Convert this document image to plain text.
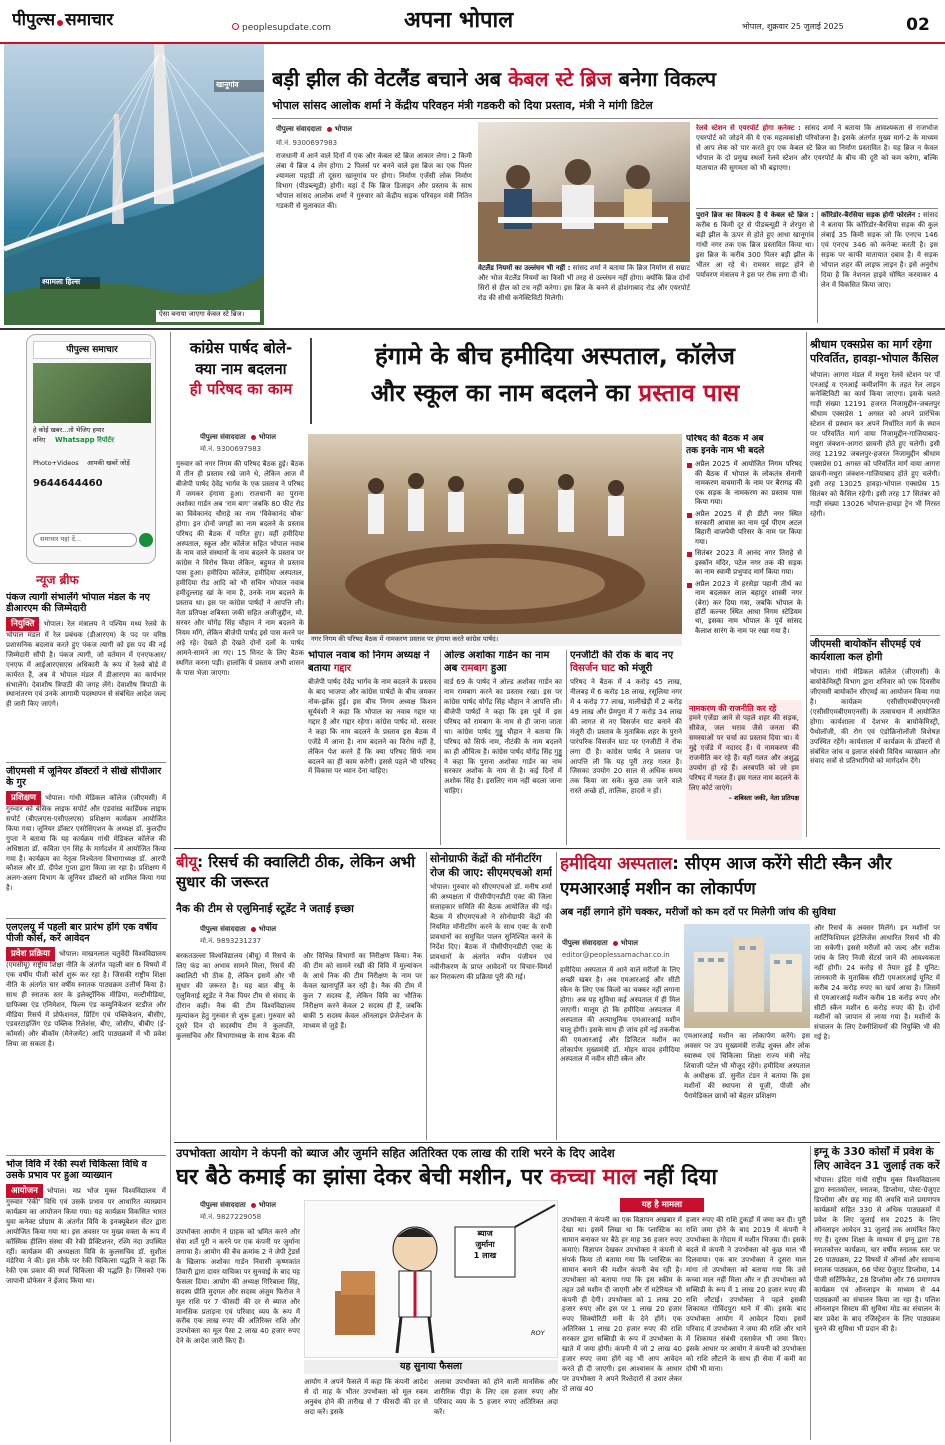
पीपुल्स समाचार	peoplesupdate.com	अपना भोपाल	भोपाल, शुक्रवार 25 जुलाई 2025	02
खानूगांव
श्यामला हिल्स
ऐसा बनाया जाएगा केबल स्टे ब्रिज।
बड़ी झील की वेटलैंड बचाने अब केबल स्टे ब्रिज बनेगा विकल्प
भोपाल सांसद आलोक शर्मा ने केंद्रीय परिवहन मंत्री गडकरी को दिया प्रस्ताव, मंत्री ने मांगी डिटेल
पीपुल्स संवाददाता भोपाल
मो.नं. 9300697983
राजधानी में आने वाले दिनों में एक और केबल स्टे ब्रिज आकार लेगा। 2 किमी लंबा ये ब्रिज 4 लेन होगा। 2 पिलर्स पर बनने वाले इस ब्रिज का एक पिलर श्यामला पहाड़ी तो दूसरा खानूगांव पर होगा। निर्माण एजेंसी लोक निर्माण विभाग (पीडब्ल्यूडी) होगी। यहां दें कि ब्रिज डिजाइन और प्रस्ताव के साथ भोपाल सांसद आलोक शर्मा ने गुरुवार को केंद्रीय सड़क परिवहन मंत्री नितिन गडकरी से मुलाकात की।
वेटलैंड नियमों का उल्लंघन भी नहीं : सांसद शर्मा ने बताया कि ब्रिज निर्माण से सम्राट और भोज वेटलैंड नियमों का किसी भी तरह से उल्लंघन नहीं होगा। क्योंकि ब्रिज दोनों सिरों से हील को टच नहीं करेगा। इस ब्रिज के बनने से होशंगाबाद रोड और एयरपोर्ट रोड की सीधी कनेक्टिविटी मिलेगी।
रेलवे स्टेशन से एयरपोर्ट होगा कनेक्ट : सांसद शर्मा ने बताया कि आवश्यकता से राजभोज एयरपोर्ट को जोड़ने की ये एक महत्वकांक्षी परियोजना है। इसके अंतर्गत मुख्य मार्ग-2 के माध्यम से आप लेक को पार करते हुए एक केबल स्टे ब्रिज का निर्माण प्रस्तावित है। यह ब्रिज न केवल भोपाल के दो प्रमुख स्थलों रेलवे स्टेशन और एयरपोर्ट के बीच की दूरी को कम करेगा, बल्कि यातायात की सुगमता को भी बढ़ाएगा।
पुराने ब्रिज का विकल्प है ये केबल स्टे ब्रिज : करीब 6 किमी दूर से पीडब्ल्यूडी ने शेरपुरा से बड़ी झील के ऊपर से होते हुए आधा खानूगांव गांधी नगर तक एक ब्रिज प्रस्तावित किया था। इस ब्रिज के करीब 300 पिलर बड़ी झील के भीतर आ रहे थे। रामसर साइट होने से पर्यावरण मंत्रालय ने इस पर रोक लगा दी थी।
कॉरिडोर-बैरसिया सड़क होगी फोरलेन : सांसद ने बताया कि कॉरिडोर-बैरसिया सड़क की कुल लंबाई 35 किमी सड़क जो कि एनएच 146 एवं एनएच 346 को कनेक्ट करती है। इस सड़क पर काफी यातायात दबाव है। ये सड़क भोपाल शहर की लाइफ लाइन है। इसे अनुरोध दिया है कि नेशनल हाइवे घोषित करवाकर 4 लेन में विकसित किया जाए।
पीपुल्स समाचार
हे कोई खबर...तो भेजिए हमार
वनिए	Whatsapp रिपोर्टर
Photo+Videos	आपकी खबरें जोड़ें
9644644460
समाचार यहां दें...
न्यूज ब्रीफ
पंकज त्यागी संभालेंगे भोपाल मंडल के नए डीआरएम की जिम्मेदारी
नियुक्ति भोपाल। रेल मंत्रालय ने पश्चिम मध्य रेलवे के भोपाल मंडल में रेल प्रबंधक (डीआरएम) के पद पर वरिष्ठ प्रशासनिक बदलाव करते हुए पंकज त्यागी को इस पद की नई जिम्मेदारी सौंपी है। पंकज त्यागी, जो वर्तमान में एनएफआर/एनएफ में आईआरएसएस अधिकारी के रूप में रेलवे बोर्ड में कार्यरत हैं, अब वे भोपाल मंडल में डीआरएम का कार्यभार संभालेंगे। देवाशीष त्रिपाठी की जगह लेंगे। देवाशीष त्रिपाठी के स्थानांतरण एवं उनके आगामी पदस्थापन से संबंधित आदेश जल्द ही जारी किए जाएंगे।
जीएमसी में जूनियर डॉक्टरों ने सीखे सीपीआर के गुर
प्रशिक्षण भोपाल। गांधी मेडिकल कॉलेज (जीएमसी) में गुरुवार को बेसिक लाइफ सपोर्ट और एडवांस्ड कार्डियक लाइफ सपोर्ट (बीएलएस-एसीएलएस) प्रशिक्षण कार्यक्रम आयोजित किया गया। जूनियर डॉक्टर एसोसिएशन के अध्यक्ष डॉ. कुलदीप गुप्ता ने बताया कि यह कार्यक्रम गांधी मेडिकल कॉलेज की अधिष्ठाता डॉ. कविता एन सिंह के मार्गदर्शन में आयोजित किया गया है। कार्यक्रम का नेतृत्व निश्चेतना विभागाध्यक्ष डॉ. आरपी कौशल और डॉ. दीपेश गुप्ता द्वारा किया जा रहा है। प्रशिक्षण में अलग-अलग विभाग के जूनियर डॉक्टरों को शामिल किया गया है।
एलएलयू में पहली बार प्रारंभ होंगे एक वर्षीय पीजी कोर्स, करें आवेदन
प्रवेश प्रक्रिया भोपाल। माखनलाल चतुर्वेदी विश्वविद्यालय (एमसीयू) राष्ट्रीय शिक्षा नीति के अंतर्गत पहली बार 6 विषयों में एक वर्षीय पीजी कोर्स शुरू कर रहा है। जिसकी राष्ट्रीय शिक्षा नीति के अंतर्गत चार वर्षीय स्नातक पाठ्यक्रम उत्तीर्ण किया है। साथ ही स्नातक स्तर के इलेक्ट्रॉनिक मीडिया, मल्टीमीडिया, ग्राफिक्स एंड एनिमेशन, फिल्म एंड कम्युनिकेशन स्टडीज और मीडिया रिसर्च में प्रोफेशनल, प्रिंटिंग एवं पब्लिकेशन, बीसीए, एडवरटाइजिंग एंड पब्लिक रिलेशंस, बीए, जोसीप, बीबीए (ई-कॉमर्स) और बीकॉम (मैनेजमेंट) आदि पाठ्यक्रमों में भी प्रवेश लिया जा सकता है।
भोज विवि में रेकी स्पर्श चिकित्सा विधि व उसके प्रभाव पर हुआ व्याख्यान
आयोजन भोपाल। मप्र भोज मुक्त विश्वविद्यालय में गुरुवार 'रेकी' विधि एवं उसके प्रभाव पर आधारित व्याख्यान कार्यक्रम का आयोजन किया गया। यह कार्यक्रम विकसित भारत युवा कनेक्ट प्रोग्राम के अंतर्गत विवि के इनक्यूबेशन सेंटर द्वारा आयोजित किया गया था। इस अवसर पर मुख्य वक्ता के रूप में कॉस्मिक हीलिंग संस्था की रेकी प्रैक्टिशनर, रश्मि नंदा उपस्थित रहीं। कार्यक्रम की अध्यक्षता विवि के कुलसचिव डॉ. सुशील मंडेरिया ने की। इस मौके पर रेकी चिकित्सा पद्धति ने कहा कि रेकी एक प्रकार की स्पर्श चिकित्सा की पद्धति है। जिसको एक जापानी प्रोफेसर ने ईजाद किया था।
कांग्रेस पार्षद बोले-
क्या नाम बदलना
ही परिषद का काम
हंगामे के बीच हमीदिया अस्पताल, कॉलेज
और स्कूल का नाम बदलने का प्रस्ताव पास
पीपुल्स संवाददाता भोपाल
मो.नं. 9300697983
गुरुवार को नगर निगम की परिषद बैठक हुई। बैठक में तीन ही प्रस्ताव रखे जाने थे, लेकिन आज में बीजेपी पार्षद देवेंद्र भार्गव के एक प्रस्ताव ने परिषद में जमकर हंगामा हुआ। राजधानी का पुराना अशोका गार्डन अब ‘राम बाग’ जबकि 80 फीट रोड का विवेकानंद चौराहे का नाम ‘विवेकानंद चौक’ होगा। इन दोनों जगहों का नाम बदलने के प्रस्ताव परिषद की बैठक में पारित हुए। वहीं हमीदिया अस्पताल, स्कूल और कॉलेज सहित भोपाल नवाब के नाम वाले संस्थानों के नाम बदलने के प्रस्ताव पर कांग्रेस ने विरोध किया लेकिन, बहुमत से प्रस्ताव पास हुआ। हमीदिया कॉलेज, हमीदिया अस्पताल, हमीदिया रोड आदि को भी सचिन भोपाल नवाब हमीदुल्लाह खां के नाम है, उनके नाम बदलने के प्रस्ताव था। इस पर कांग्रेस पार्षदों ने आपत्ति ली। नेता प्रतिपक्ष शबिस्ता जकी सहित अजीजुद्दीन, मो. सरवर और योगेंद्र सिंह चौहान ने नाम बदलने के नियम माँगे, लेकिन बीजेपी पार्षद इसे पास करने पर अड़े रहे। देखते ही देखते दोनों दलों के पार्षद आमने-सामने आ गए। 15 मिनट के लिए बैठक स्थगित करना पड़ी। हालांकि ये प्रस्ताव अभी शासन के पास भेजा जाएगा।
नगर निगम की परिषद बैठक में नामकरण प्रस्ताव पर हंगामा करते कांग्रेस पार्षद।
परिषद की बैठक में अब
तक इनके नाम भी बदले
अप्रैल 2025 में आयोजित निगम परिषद की बैठक में भोपाल के लोकतंत्र सेनानी नामकरण वावमानी के नाम पर बैरागढ़ की एक सड़क के नामकरण का प्रस्ताव पास किया गया।
अप्रैल 2025 में ही डीटी नगर स्थित सरकारी आवास का नाम पूर्व पीएम अटल बिहारी वाजपेयी परिसर के नाम पर किया गया।
सितंबर 2023 में आनंद नगर तिराहे से इस्कॉन मंदिर, पटेल नगर तक की सड़क का नाम स्वामी प्रभुपाद मार्ग किया गया।
अप्रैल 2023 में हरसेड़ा पहानी तीर्थ का नाम बदलकर लाल बहादुर शास्त्री नगर (बेरा) कर दिया गया, जबकि भोपाल के हॉर्टी कल्चर स्थित आधा निगम स्टेडियम था, इसका नाम भोपाल के पूर्व सांसद कैलाश सारंग के नाम पर रखा गया है।
नामकरण की राजनीति कर रहे
हमने एजेंडा आने से पहले शहर की सड़क, सीवेज, जल भराव जैसे जनता की समस्याओं पर चर्चा का प्रस्ताव दिया था। ये मुद्दे एजेंडे में नदारद हैं। ये नामकरण की राजनीति कर रहे हैं। वहाँ गलत और अशुद्ध उपयोग हो रहे हैं। अरबपति को जो हम परिषद में गलत हैं। इस गलत नाम बदलने के लिए कोर्ट जाएंगे।
– शबिस्ता जकी, नेता प्रतिपक्ष
भोपाल नवाब को निगम अध्यक्ष ने बताया गद्दार
बीजेपी पार्षद देवेंद्र भार्गव के नाम बदलने के प्रस्ताव के बाद भाजपा और कांग्रेस पार्षदों के बीच जमकर नोक-झोंक हुई। इस बीच निगम अध्यक्ष किशन सूर्यवंशी ने कहा कि भोपाल का नवाब गद्दार था गद्दार है और गद्दार रहेगा। कांग्रेस पार्षद मो. सरवर ने कहा कि नाम बदलने के प्रस्ताव इस बैठक में एजेंडे में आना है। नाम बदलने का विरोध नहीं है, लेकिन पेश करने हैं कि क्या परिषद सिर्फ नाम बदलने का ही काम करेगी। इससे पहले भी परिषद में विकास पर ध्यान देना चाहिए।
ओल्ड अशोका गार्डन का नाम अब रामबाग हुआ
वार्ड 69 के पार्षद ने ओल्ड अशोका गार्डन का नाम रामबाग करने का प्रस्ताव रखा। इस पर कांग्रेस पार्षद योगेंद्र सिंह चौहान ने आपत्ति ली। बीजेपी पार्षदों ने कहा कि इस पूर्व में इस परिषद को रामबाग के नाम से ही जाना जाता था। कांग्रेस पार्षद गुड्डू चौहान ने बताया कि परिषद को सिर्फ नाम, नौटंकी के नाम बदलने का ही औचित्य है। कांग्रेस पार्षद योगेंद्र सिंह गुड्डू ने कहा कि पुराना अशोका गार्डन का नाम सरकार अशोक के नाम से है। कई दिनों में अशोक सिंह है। इसलिए नाम नहीं बदला जाना चाहिए।
एनजीटी की रोक के बाद नए विसर्जन घाट को मंजूरी
परिषद ने बैठक में 4 करोड़ 45 लाख, नीलबड़ में 6 करोड़ 18 लाख, रसूलिया नगर में 4 करोड़ 77 लाख, मालीखेड़ी में 2 करोड़ 49 लाख और प्रेमपुरा में 7 करोड़ 34 लाख की लागत से नए विसर्जन घाट बनाने की मंजूरी दी। प्रस्ताव के मुताबिक शहर के पुराने पारंपरिक विसर्जन घाट पर एनजीटी ने रोक लगा दी है। कांग्रेस पार्षद ने प्रस्ताव पर आपत्ति ली कि यह पूरी तरह गलत है। जिसका उपयोग 20 साल से अधिक समय तक किया जा सके। कुछ तक जाने वाले रास्ते अच्छे हों, तालिक, हादसे न हों।
श्रीधाम एक्सप्रेस का मार्ग रहेगा परिवर्तित, हावड़ा-भोपाल कैंसिल
भोपाल। आगरा मंडल में मथुरा रेलवे स्टेशन पर पॉ एनआई व एनआई कमीशनिंग के तहत रेल लाइन कनेक्टिविटी का कार्य किया जाएगा। इसके चलते गाड़ी संख्या 12191 हजरत निजामुद्दीन-जबलपुर श्रीधाम एक्सप्रेस 1 अगस्त को अपने प्रारंभिक स्टेशन से प्रस्थान कर अपने निर्धारित मार्ग के स्थान पर परिवर्तित मार्ग वाया निजामुद्दीन-गाजियाबाद-मथुरा जंक्शन-आगरा छावनी होते हुए चलेगी। इसी तरह 12192 जबलपुर-हजरत निजामुद्दीन श्रीधाम एक्सप्रेस 01 अगस्त को परिवर्तित मार्ग वाया आगरा छावनी-मथुरा जंक्शन-गाजियाबाद होते हुए चलेगी। इसी तरह 13025 हावड़ा-भोपाल एक्सप्रेस 15 सितंबर को कैंसिल रहेगी। इसी तरह 17 सितंबर को गाड़ी संख्या 13026 भोपाल-हावड़ा ट्रेन भी निरस्त रहेगी।
जीएमसी बायोकॉन सीएमई एवं कार्यशाला कल होगी
भोपाल। गांधी मेडिकल कॉलेज (जीएमसी) के बायोकेमिस्ट्री विभाग द्वारा शनिवार को एक दिवसीय जीएमसी बायोकॉन सीएमई का आयोजन किया गया है। कार्यक्रम एसीसीएमबीएमएनसी (एसीसीएमबीएमएनसी) के तत्वावधान में आयोजित होगा। कार्यशाला में देशभर के बायोकेमिस्ट्री, पैथोलॉजी, की रोग एवं एंडोक्रिनोलॉजी विशेषज्ञ उपस्थित रहेंगे। कार्यशाला में कार्यक्रम के डॉक्टरों से संबंधित जांच व इलाज संबंधी विविध व्याख्यान और संवाद सत्रों से प्रतिभागियों को मार्गदर्शन देंगे।
बीयू: रिसर्च की क्वालिटी ठीक, लेकिन अभी सुधार की जरूरत
नैक की टीम से एलुमिनाई स्टूडेंट ने जताई इच्छा
पीपुल्स संवाददाता भोपाल
मो.नं. 9893231237
बरकतउल्ला विश्वविद्यालय (बीयू) में रिसर्च के लिए फंड का अभाव सामने मिला, रिसर्च की क्वालिटी भी ठीक है, लेकिन इसमें और भी सुधार की जरूरत है। यह बात बीयू के एलुमिनाई स्टूडेंट ने नैक पियर टीम से संवाद के दौरान कही। नैक की टीम विश्वविद्यालय मूल्यांकन हेतु गुरुवार से शुरू हुआ। गुरुवार को दूसरे दिन दो सदस्यीय टीम ने कुलपति, कुलसचिव और विभागाध्यक्ष के साथ बैठक की और विभिन्न विभागों का निरीक्षण किया। नैक की टीम को सामने रखीं की विवि में मूल्यांकन के आधे निक की टीम निरीक्षण के नाम पर केवल खानापूर्ति कर रही है। नैक की टीम में कुल 7 सदस्य हैं, लेकिन विवि का भौतिक निरीक्षण करने केवल 2 सदस्य ही हैं, जबकि बाकी 5 सदस्य केवल ऑनलाइन प्रेजेन्टेशन के माध्यम से जुड़े हैं।
सोनोग्राफी केंद्रों की मॉनीटरिंग रोज की जाए: सीएमएचओ शर्मा
भोपाल। गुरुवार को सीएमएचओ डॉ. मनीष शर्मा की अध्यक्षता में पीसीपीएनडीटी एक्ट की जिला सलाहकार समिति की बैठक आयोजित की गई। बैठक में सीएमएचओ ने सोनोग्राफी केंद्रों की नियमित मॉनीटरिंग करने के साथ एक्ट के सभी प्रावधानों का समुचित पालन सुनिश्चित करने के निर्देश दिए। बैठक में पीसीपीएनडीटी एक्ट के प्रावधानों के अंतर्गत नवीन पंजीयन एवं नवीनीकरण के प्राप्त आवेदनों पर विचार-विमर्श कर निराकरण की प्रक्रिया पूरी की गई।
हमीदिया अस्पताल: सीएम आज करेंगे सीटी स्कैन और एमआरआई मशीन का लोकार्पण
अब नहीं लगाने होंगे चक्कर, मरीजों को कम दरों पर मिलेगी जांच की सुविधा
पीपुल्स संवाददाता भोपाल
editor@peoplessamachar.co.in
हमीदिया अस्पताल में आने वाले मरीजों के लिए अच्छी खबर है। अब एमआरआई और सीटी स्कैन के लिए एक किलो का चक्कर नहीं लगाना होगा। अब यह सुविधा कई अस्पताल में ही मिल जाएगी। मालूम हो कि हमीदिया अस्पताल में अस्पताल की अत्याधुनिक एमआरआई मशीन चालू होगी। इसके साथ ही जांच हमें नई तकनीक की एमआरआई और डिजिटल मशीन का लोकार्पण मुख्यमंत्री डॉ. मोहन यादव हमीदिया अस्पताल में नवीन सीटी स्कैन और
एमआरआई मशीन का लोकार्पण करेंगे। इस अवसर पर उप मुख्यमंत्री राजेंद्र शुक्ल और लोक स्वास्थ्य एवं चिकित्सा शिक्षा राज्य मंत्री नरेंद्र शिवाजी पटेल भी मौजूद रहेंगे। हमीदिया अस्पताल के अधीक्षक डॉ. सुनीत टंडन ने बताया कि इस मशीनों की स्थापना से यूजी, पीजी और पैरामेडिकल छात्रों को बेहतर प्रशिक्षण
और रिसर्च के अवसर मिलेंगे। इन मशीनों पर आर्टिफिशियल इंटेलिजेंस आधारित रिसर्च भी की जा सकेगी। इससे मरीजों को जल्द और सटीक जांच के लिए निजी सेंटर्स जाने की आवश्यकता नहीं होगी। 24 करोड़ से तैयार हुई है यूनिट: जानकारी के मुताबिक सीटी एमआरआई यूनिट में करीब 24 करोड़ रुपए का खर्च आया है। जिसमें से एमआरआई मशीन करीब 18 करोड़ रुपए और सीटी स्कैन मशीन 6 करोड़ रुपए की है। दोनों मशीनों को जापान से लाया गया है। मशीनों के संचालन के लिए टेक्नीशियनों की नियुक्ति भी की गई है।
उपभोक्ता आयोग ने कंपनी को ब्याज और जुर्माने सहित अतिरिक्त एक लाख की राशि भरने के दिए आदेश
घर बैठे कमाई का झांसा देकर बेची मशीन, पर कच्चा माल नहीं दिया
पीपुल्स संवाददाता भोपाल
मो.नं. 9827229058
उपभोक्ता आयोग ने ग्राहक को भ्रमित करने और सेवा शर्तें पूरी न करने पर एक कंपनी पर जुर्माना लगाया है। आयोग की बेंच क्रमांक 2 ने जेपी ट्रेडर्स के खिलाफ अशोका गार्डन निवासी कृष्णकांत तिवारी द्वारा दायर याचिका पर सुनवाई के बाद यह फैसला दिया। आयोग की अध्यक्ष गिरिबाला सिंह, सदस्य प्रीति मुदगल और सदस्य अंजुम फिरोज ने मूल राशि पर 7 फीसदी की दर से ब्याज और मानसिक प्रताड़ना एवं परिवाद व्यय के रूप में करीब एक लाख रुपए की अतिरिक्त राशि और उपभोक्ता का मूल पैसा 2 लाख 40 हजार रुपए देने के आदेश जारी किए हैं।
ब्याज
जुर्माना
1 लाख
ROY
यह सुनाया फैसला
आयोग ने अपने फैसले में कहा कि कंपनी आदेश से दो माह के भीतर उपभोक्ता को मूल रकम अनुबंध होने की तारीख से 7 फीसदी की दर से अदा करें। इसके
अलावा उपभोक्ता को होने वाली मानसिक और शारीरिक पीड़ा के लिए दस हजार रुपए और परिवाद व्यय के 5 हजार रुपए अतिरिक्त अदा करें।
यह है मामला
उपभोक्ता ने कंपनी का एक विज्ञापन अखबार में देखा था। इसमें लिखा था कि प्लास्टिक का सामान बनाकर घर बैठे हर माह 36 हजार रुपए कमाएं। विज्ञापन देखकर उपभोक्ता ने कंपनी से संपर्क किया तो बताया गया कि प्लास्टिक का सामान बनाने की मशीन कंपनी बेच रही है। उपभोक्ता को बताया गया कि इस स्कीम के तहत उसे मशीन दी जाएगी और रॉ मटेरियल भी कंपनी ही देगी। उपभोक्ता को 1 लाख 20 हजार रुपए और इस पर 1 लाख 20 हजार रुपए सिक्योरिटी मनी के देने होंगे। एक अतिरिक्त 1 लाख 20 हजार रुपए की राशि सरकार द्वारा सब्सिडी के रूप में उपभोक्ता के खाते में जमा होगी। कंपनी में जो 2 लाख 40 हजार रुपए जमा होंगे वह भी आप आवेदन करते ही दी जाएगी। इस आश्वासन के आधार पर उपभोक्ता ने अपने रिश्तेदारों से उधार लेकर दो लाख 40
हजार रुपए की राशि टुकड़ों में जमा कर दी। पूरी राशि जमा होने के बाद 2019 में कंपनी ने उपभोक्ता के गोदाम में मशीन भिजवा दी। इसके बदले में कंपनी ने उपभोक्ता को कुछ माल भी दिलवाया। एक बार उपभोक्ता ने दूसरा माल मांगा तो उपभोक्ता को बताया गया कि उसे कच्चा माल नहीं मिला और न ही उपभोक्ता को सब्सिडी के रूप में 1 लाख 20 हजार रुपए की राशि लौटाई। उपभोक्ता ने पहले इसकी शिकायत गोविंदपुरा थाने में की। इसके बाद उपभोक्ता आयोग में आवेदन दिया। इसमें परिवाद में उपभोक्ता ने जमा की राशि और थाने में शिकायत संबंधी दस्तावेज भी जमा किए। इसके आधार पर आयोग ने कंपनी को उपभोक्ता को राशि लौटाने के साथ ही सेवा में कमी का दोषी भी माना।
इग्नू के 330 कोर्सों में प्रवेश के लिए आवेदन 31 जुलाई तक करें
भोपाल। इंदिरा गांधी राष्ट्रीय मुक्त विश्वविद्यालय द्वारा स्नातकोत्तर, स्नातक, डिप्लोमा, पोस्ट-ग्रेजुएट डिप्लोमा और छह माह की अवधि वाले प्रमाणपत्र कार्यक्रमों सहित 330 से अधिक पाठ्यक्रमों में प्रवेश के लिए जुलाई सत्र 2025 के लिए ऑनलाइन आवेदन 31 जुलाई तक आमंत्रित किए गए हैं। दूरस्थ शिक्षा के माध्यम से इग्नू द्वारा 78 स्नातकोत्तर कार्यक्रम, चार वर्षीय स्नातक स्तर पर 26 पाठ्यक्रम, 22 विषयों में ऑनर्स और सामान्य स्नातक पाठ्यक्रम, 66 पोस्ट ग्रेजुएट डिप्लोमा, 14 पीजी सर्टिफिकेट, 28 डिप्लोमा और 76 प्रमाणपत्र कार्यक्रम एवं ऑनलाइन के माध्यम से 44 पाठ्यक्रमों का संचालन किया जा रहा है। पलिश ऑनलाइन सिस्टम की सुविधा मोड का संचालन के बार प्रवेश के बाद रजिस्ट्रेशन के लिए पाठ्यक्रम चुनने की सुविधा भी प्रदान की है।
